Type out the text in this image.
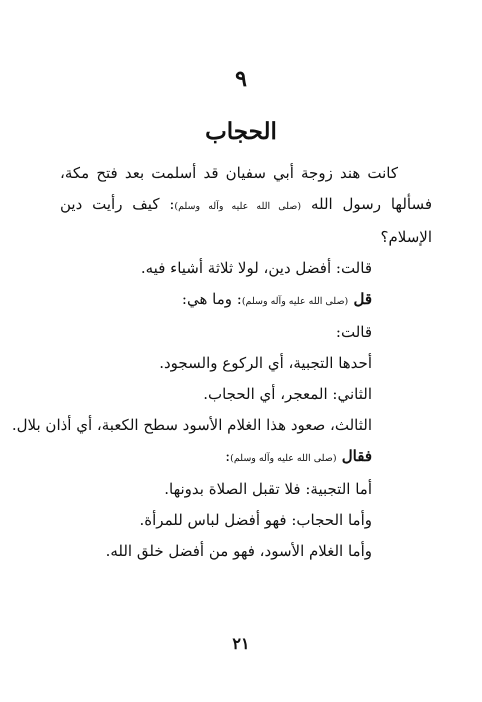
٩
الحجاب

كانت هند زوجة أبي سفيان قد أسلمت بعد فتح مكة، فسألها رسول الله (صلى الله عليه وآله وسلم): كيف رأيت دين الإسلام؟

قالت: أفضل دين، لولا ثلاثة أشياء فيه.

قل (صلى الله عليه وآله وسلم): وما هي:

قالت:

أحدها التجبية، أي الركوع والسجود.

الثاني: المعجر، أي الحجاب.

الثالث، صعود هذا الغلام الأسود سطح الكعبة، أي أذان بلال.

فقال (صلى الله عليه وآله وسلم):

أما التجبية: فلا تقبل الصلاة بدونها.

وأما الحجاب: فهو أفضل لباس للمرأة.

وأما الغلام الأسود، فهو من أفضل خلق الله.

٢١
